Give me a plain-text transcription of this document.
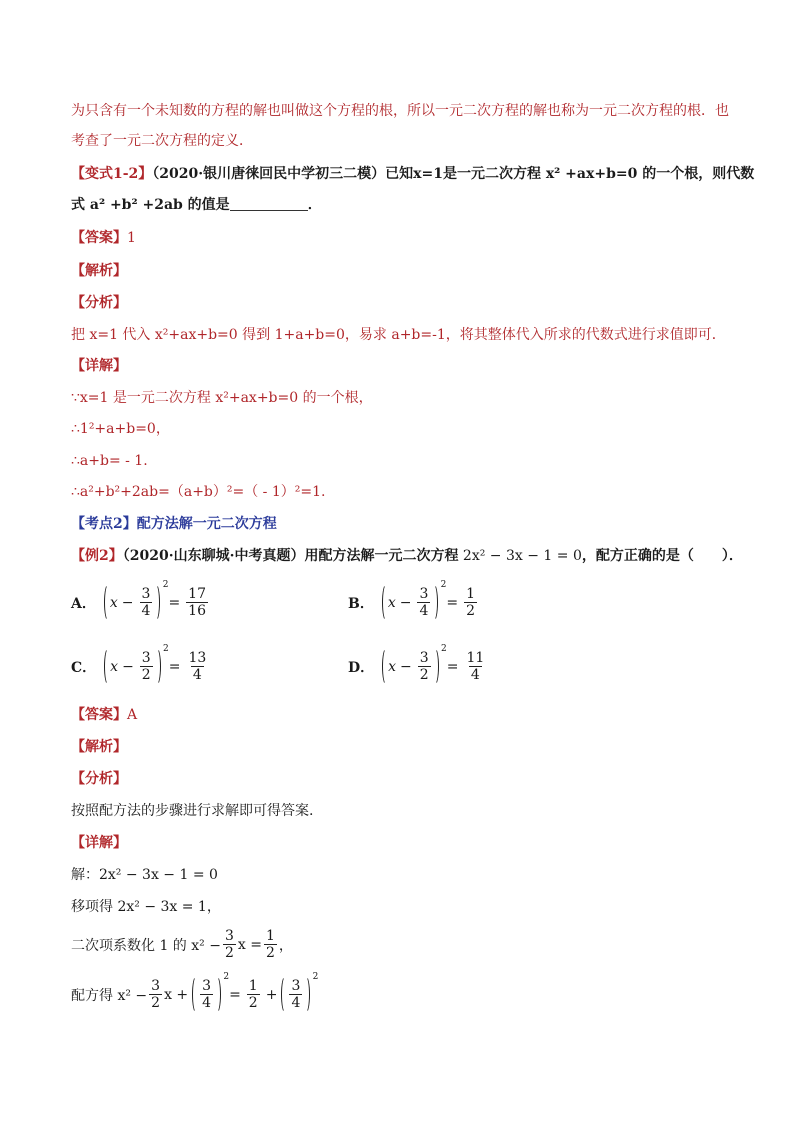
为只含有一个未知数的方程的解也叫做这个方程的根，所以一元二次方程的解也称为一元二次方程的根．也
考查了一元二次方程的定义．
【变式1-2】（2020·银川唐徕回民中学初三二模）已知x=1是一元二次方程 x² +ax+b=0 的一个根，则代数
式 a² +b² +2ab 的值是	．
【答案】1
【解析】
【分析】
把 x=1 代入 x²+ax+b=0 得到 1+a+b=0，易求 a+b=-1，将其整体代入所求的代数式进行求值即可．
【详解】
∵x=1 是一元二次方程 x²+ax+b=0 的一个根，
∴1²+a+b=0，
∴a+b= - 1.
∴a²+b²+2ab=（a+b）²=（ - 1）²=1.
【考点2】配方法解一元二次方程
【例2】（2020·山东聊城·中考真题）用配方法解一元二次方程 2x² − 3x − 1 = 0，配方正确的是（　　）．
A． $x - \frac{3}{4}$
2
= $\frac{17}{16}$	B． $x - \frac{3}{4}$
2
= $\frac{1}{2}$
C． $x - \frac{3}{2}$
2
= $\frac{13}{4}$	D． $x - \frac{3}{2}$
2
= $\frac{11}{4}$
【答案】A
【解析】
【分析】
按照配方法的步骤进行求解即可得答案.
【详解】
解：2x² − 3x − 1 = 0
移项得 2x² − 3x = 1，
二次项系数化 1 的 $x^2 - \frac{3}{2}$ $x = \frac{1}{2}$ ，
配方得 $x^2 - \frac{3}{2}$ $x + \frac{3}{4}$
2
= $\frac{1}{2} + \frac{3}{4}$
2
